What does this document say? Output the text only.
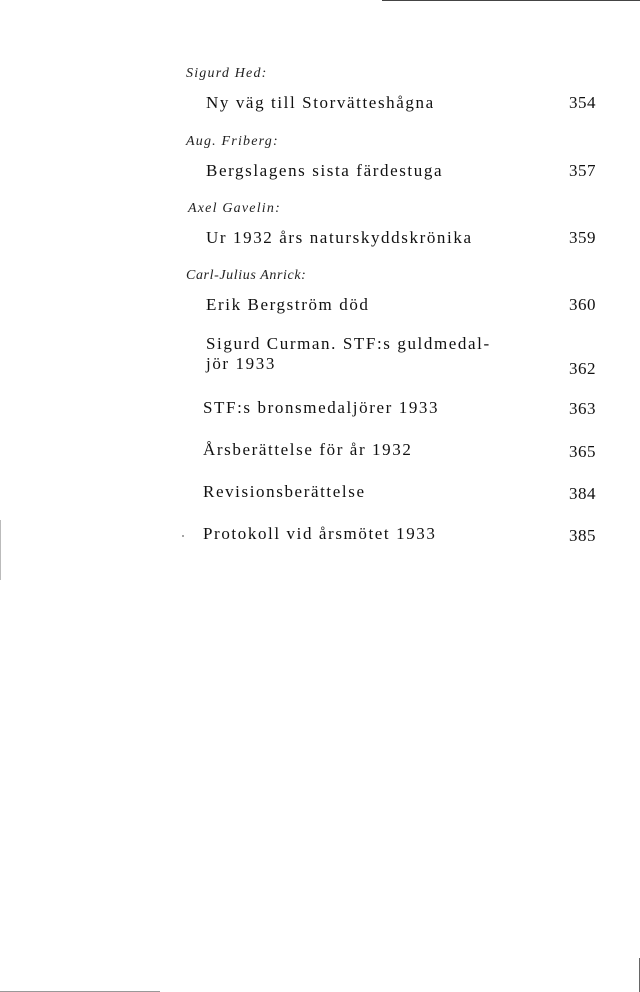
Sigurd Hed:
Ny väg till Storvätteshågna	354
Aug. Friberg:
Bergslagens sista färdestuga	357
Axel Gavelin:
Ur 1932 års naturskyddskrönika	359
Carl-Julius Anrick:
Erik Bergström död	360
Sigurd Curman. STF:s guldmedal-
jör 1933	362
STF:s bronsmedaljörer 1933	363
Årsberättelse för år 1932	365
Revisionsberättelse	384
Protokoll vid årsmötet 1933	385
